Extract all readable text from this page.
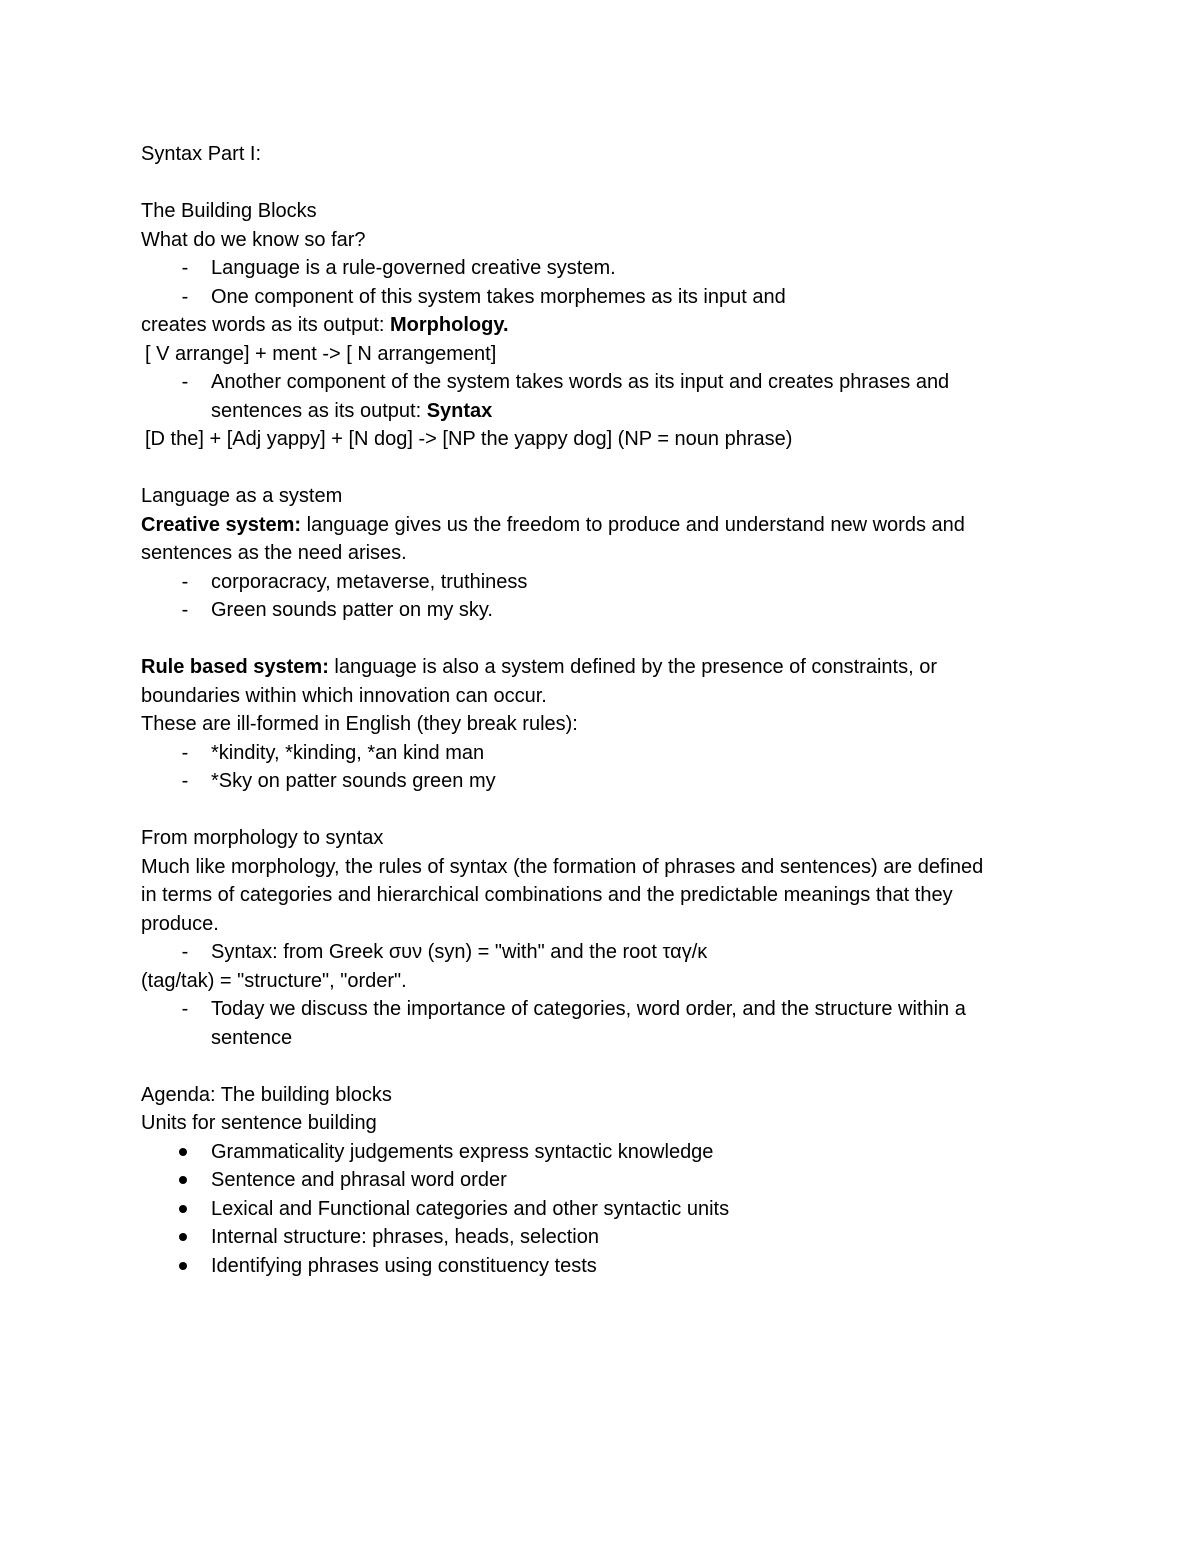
Syntax Part I:
The Building Blocks
What do we know so far?
-	Language is a rule-governed creative system.
-	One component of this system takes morphemes as its input and
creates words as its output: Morphology.
[ V arrange] + ment -> [ N arrangement]
-	Another component of the system takes words as its input and creates phrases and
sentences as its output: Syntax
[D the] + [Adj yappy] + [N dog] -> [NP the yappy dog] (NP = noun phrase)
Language as a system
Creative system: language gives us the freedom to produce and understand new words and
sentences as the need arises.
-	corporacracy, metaverse, truthiness
-	Green sounds patter on my sky.
Rule based system: language is also a system defined by the presence of constraints, or
boundaries within which innovation can occur.
These are ill-formed in English (they break rules):
-	*kindity, *kinding, *an kind man
-	*Sky on patter sounds green my
From morphology to syntax
Much like morphology, the rules of syntax (the formation of phrases and sentences) are defined
in terms of categories and hierarchical combinations and the predictable meanings that they
produce.
-	Syntax: from Greek συν (syn) = "with" and the root ταγ/κ
(tag/tak) = "structure", "order".
-	Today we discuss the importance of categories, word order, and the structure within a
sentence
Agenda: The building blocks
Units for sentence building
Grammaticality judgements express syntactic knowledge
Sentence and phrasal word order
Lexical and Functional categories and other syntactic units
Internal structure: phrases, heads, selection
Identifying phrases using constituency tests
